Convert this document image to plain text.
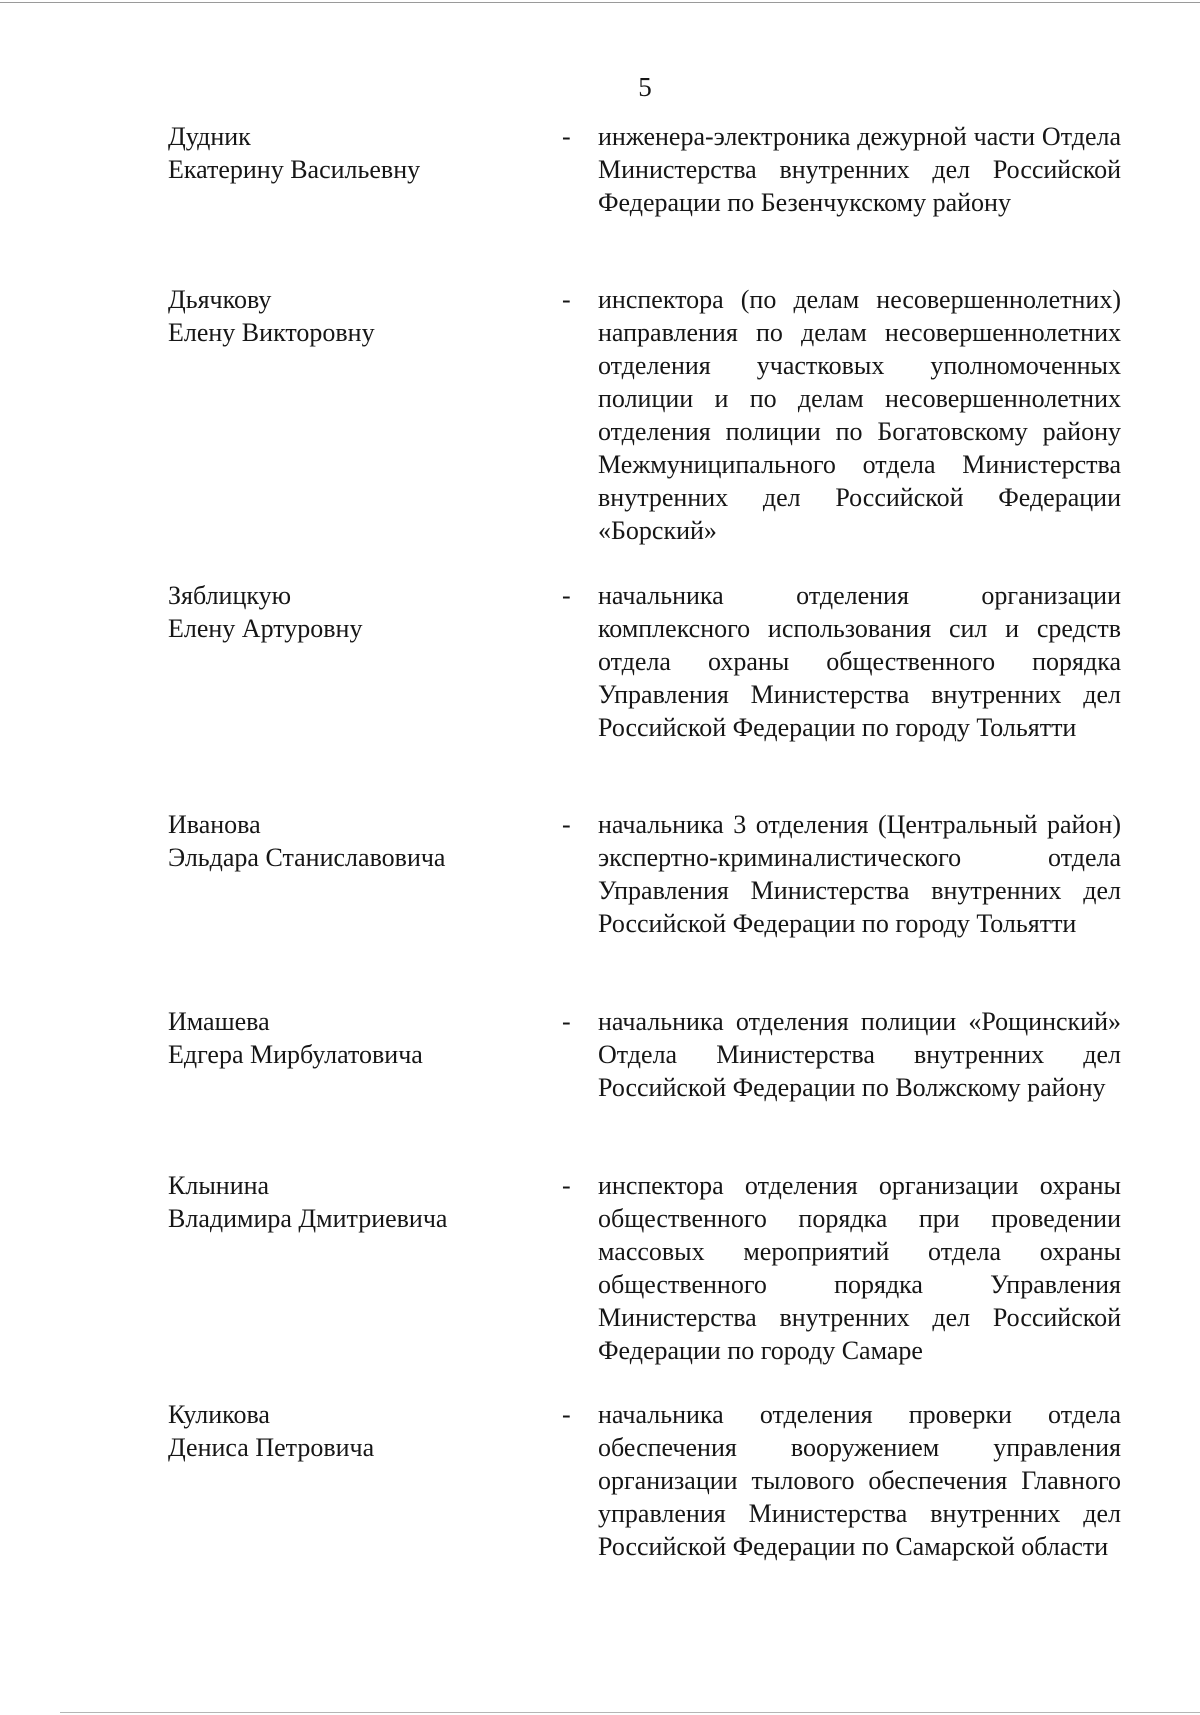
5
Дудник
Екатерину Васильевну
- инженера-электроника дежурной части Отдела Министерства внутренних дел Российской Федерации по Безенчукскому району
Дьячкову
Елену Викторовну
- инспектора (по делам несовершеннолетних) направления по делам несовершеннолетних отделения участковых уполномоченных полиции и по делам несовершеннолетних отделения полиции по Богатовскому району Межмуниципального отдела Министерства внутренних дел Российской Федерации «Борский»
Зяблицкую
Елену Артуровну
- начальника отделения организации комплексного использования сил и средств отдела охраны общественного порядка Управления Министерства внутренних дел Российской Федерации по городу Тольятти
Иванова
Эльдара Станиславовича
- начальника 3 отделения (Центральный район) экспертно-криминалистического отдела Управления Министерства внутренних дел Российской Федерации по городу Тольятти
Имашева
Едгера Мирбулатовича
- начальника отделения полиции «Рощинский» Отдела Министерства внутренних дел Российской Федерации по Волжскому району
Клынина
Владимира Дмитриевича
- инспектора отделения организации охраны общественного порядка при проведении массовых мероприятий отдела охраны общественного порядка Управления Министерства внутренних дел Российской Федерации по городу Самаре
Куликова
Дениса Петровича
- начальника отделения проверки отдела обеспечения вооружением управления организации тылового обеспечения Главного управления Министерства внутренних дел Российской Федерации по Самарской области
